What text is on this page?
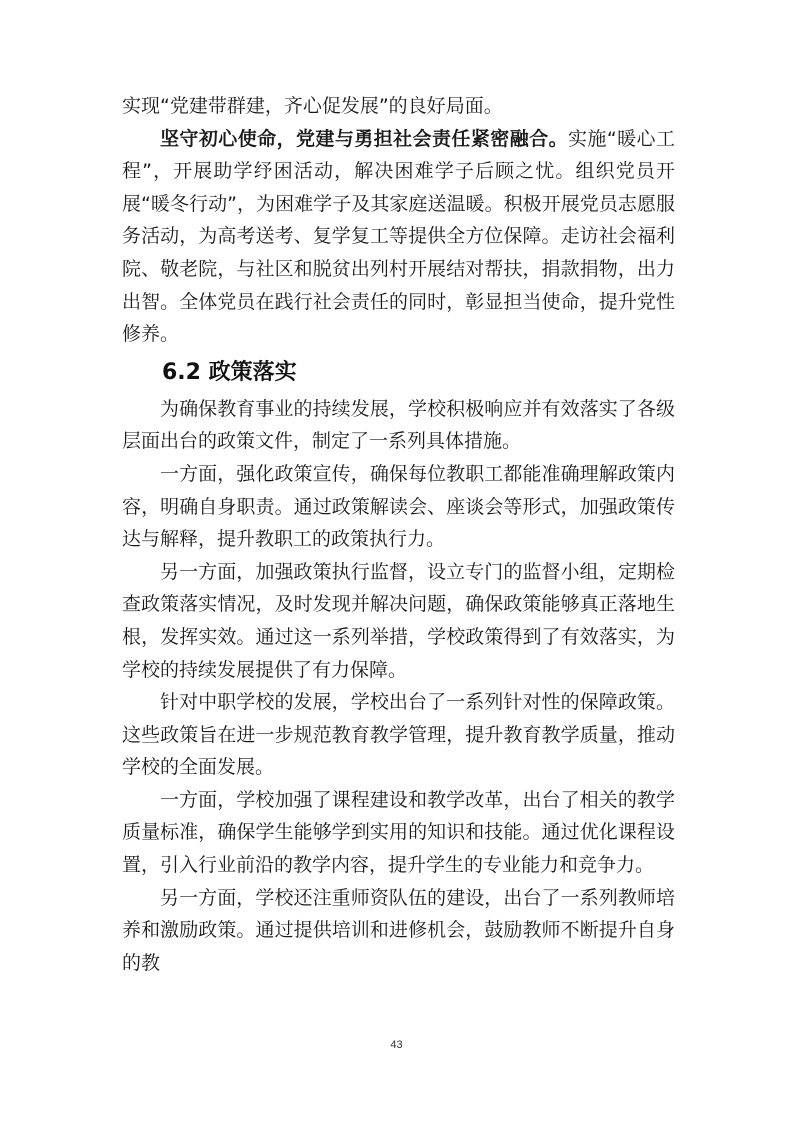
实现“党建带群建，齐心促发展”的良好局面。

坚守初心使命，党建与勇担社会责任紧密融合。实施“暖心工程”，开展助学纾困活动，解决困难学子后顾之忧。组织党员开展“暖冬行动”，为困难学子及其家庭送温暖。积极开展党员志愿服务活动，为高考送考、复学复工等提供全方位保障。走访社会福利院、敬老院，与社区和脱贫出列村开展结对帮扶，捐款捐物，出力出智。全体党员在践行社会责任的同时，彰显担当使命，提升党性修养。

6.2 政策落实

为确保教育事业的持续发展，学校积极响应并有效落实了各级层面出台的政策文件，制定了一系列具体措施。

一方面，强化政策宣传，确保每位教职工都能准确理解政策内容，明确自身职责。通过政策解读会、座谈会等形式，加强政策传达与解释，提升教职工的政策执行力。

另一方面，加强政策执行监督，设立专门的监督小组，定期检查政策落实情况，及时发现并解决问题，确保政策能够真正落地生根，发挥实效。通过这一系列举措，学校政策得到了有效落实，为学校的持续发展提供了有力保障。

针对中职学校的发展，学校出台了一系列针对性的保障政策。这些政策旨在进一步规范教育教学管理，提升教育教学质量，推动学校的全面发展。

一方面，学校加强了课程建设和教学改革，出台了相关的教学质量标准，确保学生能够学到实用的知识和技能。通过优化课程设置，引入行业前沿的教学内容，提升学生的专业能力和竞争力。

另一方面，学校还注重师资队伍的建设，出台了一系列教师培养和激励政策。通过提供培训和进修机会，鼓励教师不断提升自身的教

43
